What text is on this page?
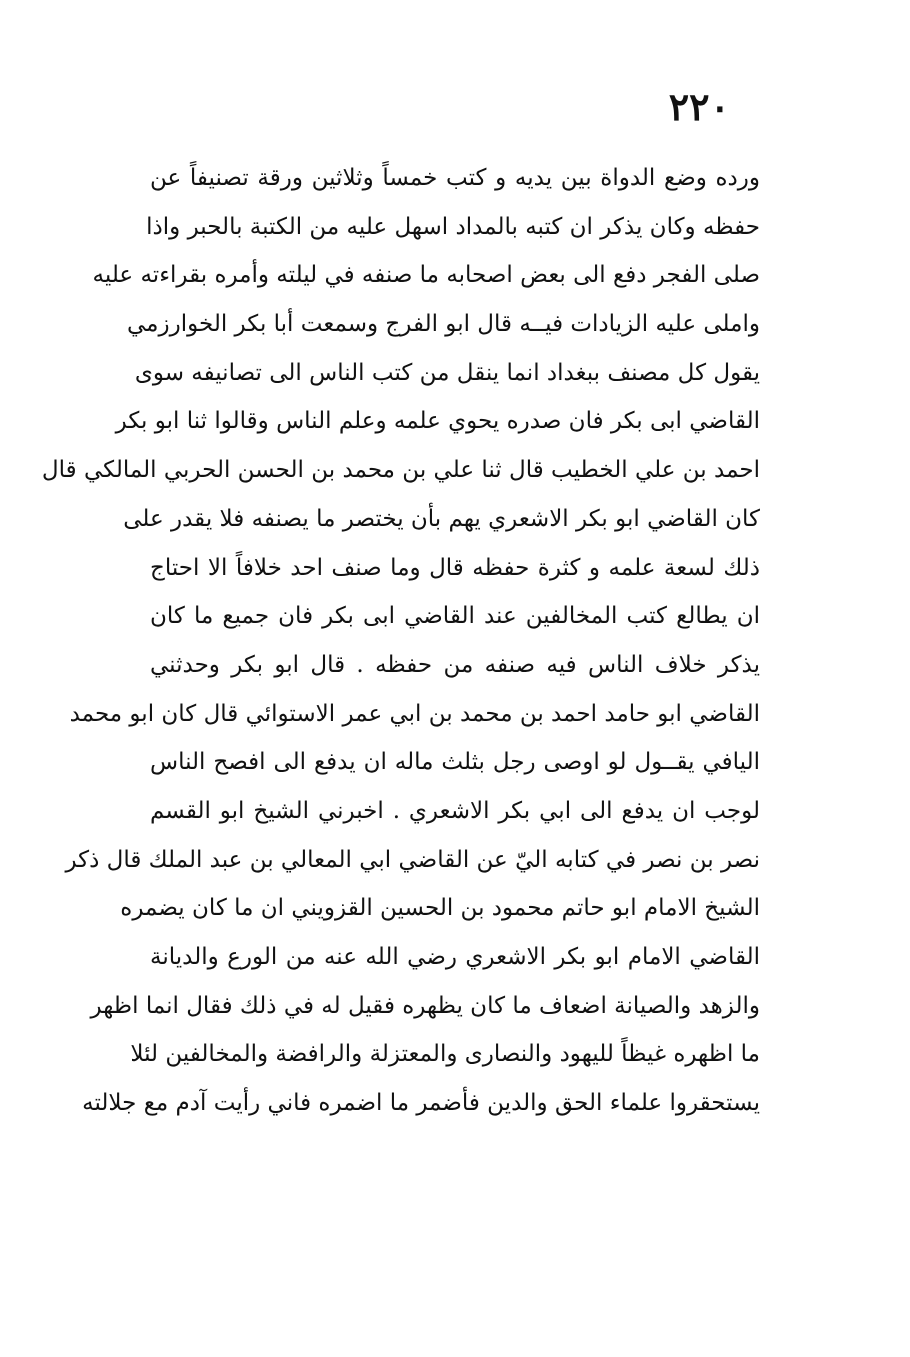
٢٢٠
ورده وضع الدواة بين يديه و كتب خمساً وثلاثين ورقة تصنيفاً عن
حفظه وكان يذكر ان كتبه بالمداد اسهل عليه من الكتبة بالحبر واذا
صلى الفجر دفع الى بعض اصحابه ما صنفه في ليلته وأمره بقراءته عليه
واملى عليه الزيادات فيــه قال ابو الفرج وسمعت أبا بكر الخوارزمي
يقول كل مصنف ببغداد انما ينقل من كتب الناس الى تصانيفه سوى
القاضي ابى بكر فان صدره يحوي علمه وعلم الناس وقالوا ثنا ابو بكر
احمد بن علي الخطيب قال ثنا علي بن محمد بن الحسن الحربي المالكي قال
كان القاضي ابو بكر الاشعري يهم بأن يختصر ما يصنفه فلا يقدر على
ذلك لسعة علمه و كثرة حفظه قال وما صنف احد خلافاً الا احتاج
ان يطالع كتب المخالفين عند القاضي ابى بكر فان جميع ما كان
يذكر خلاف الناس فيه صنفه من حفظه . قال ابو بكر وحدثني
القاضي ابو حامد احمد بن محمد بن ابي عمر الاستوائي قال كان ابو محمد
اليافي يقــول لو اوصى رجل بثلث ماله ان يدفع الى افصح الناس
لوجب ان يدفع الى ابي بكر الاشعري . اخبرني الشيخ ابو القسم
نصر بن نصر في كتابه اليّ عن القاضي ابي المعالي بن عبد الملك قال ذكر
الشيخ الامام ابو حاتم محمود بن الحسين القزويني ان ما كان يضمره
القاضي الامام ابو بكر الاشعري رضي الله عنه من الورع والديانة
والزهد والصيانة اضعاف ما كان يظهره فقيل له في ذلك فقال انما اظهر
ما اظهره غيظاً لليهود والنصارى والمعتزلة والرافضة والمخالفين لئلا
يستحقروا علماء الحق والدين فأضمر ما اضمره فاني رأيت آدم مع جلالته
